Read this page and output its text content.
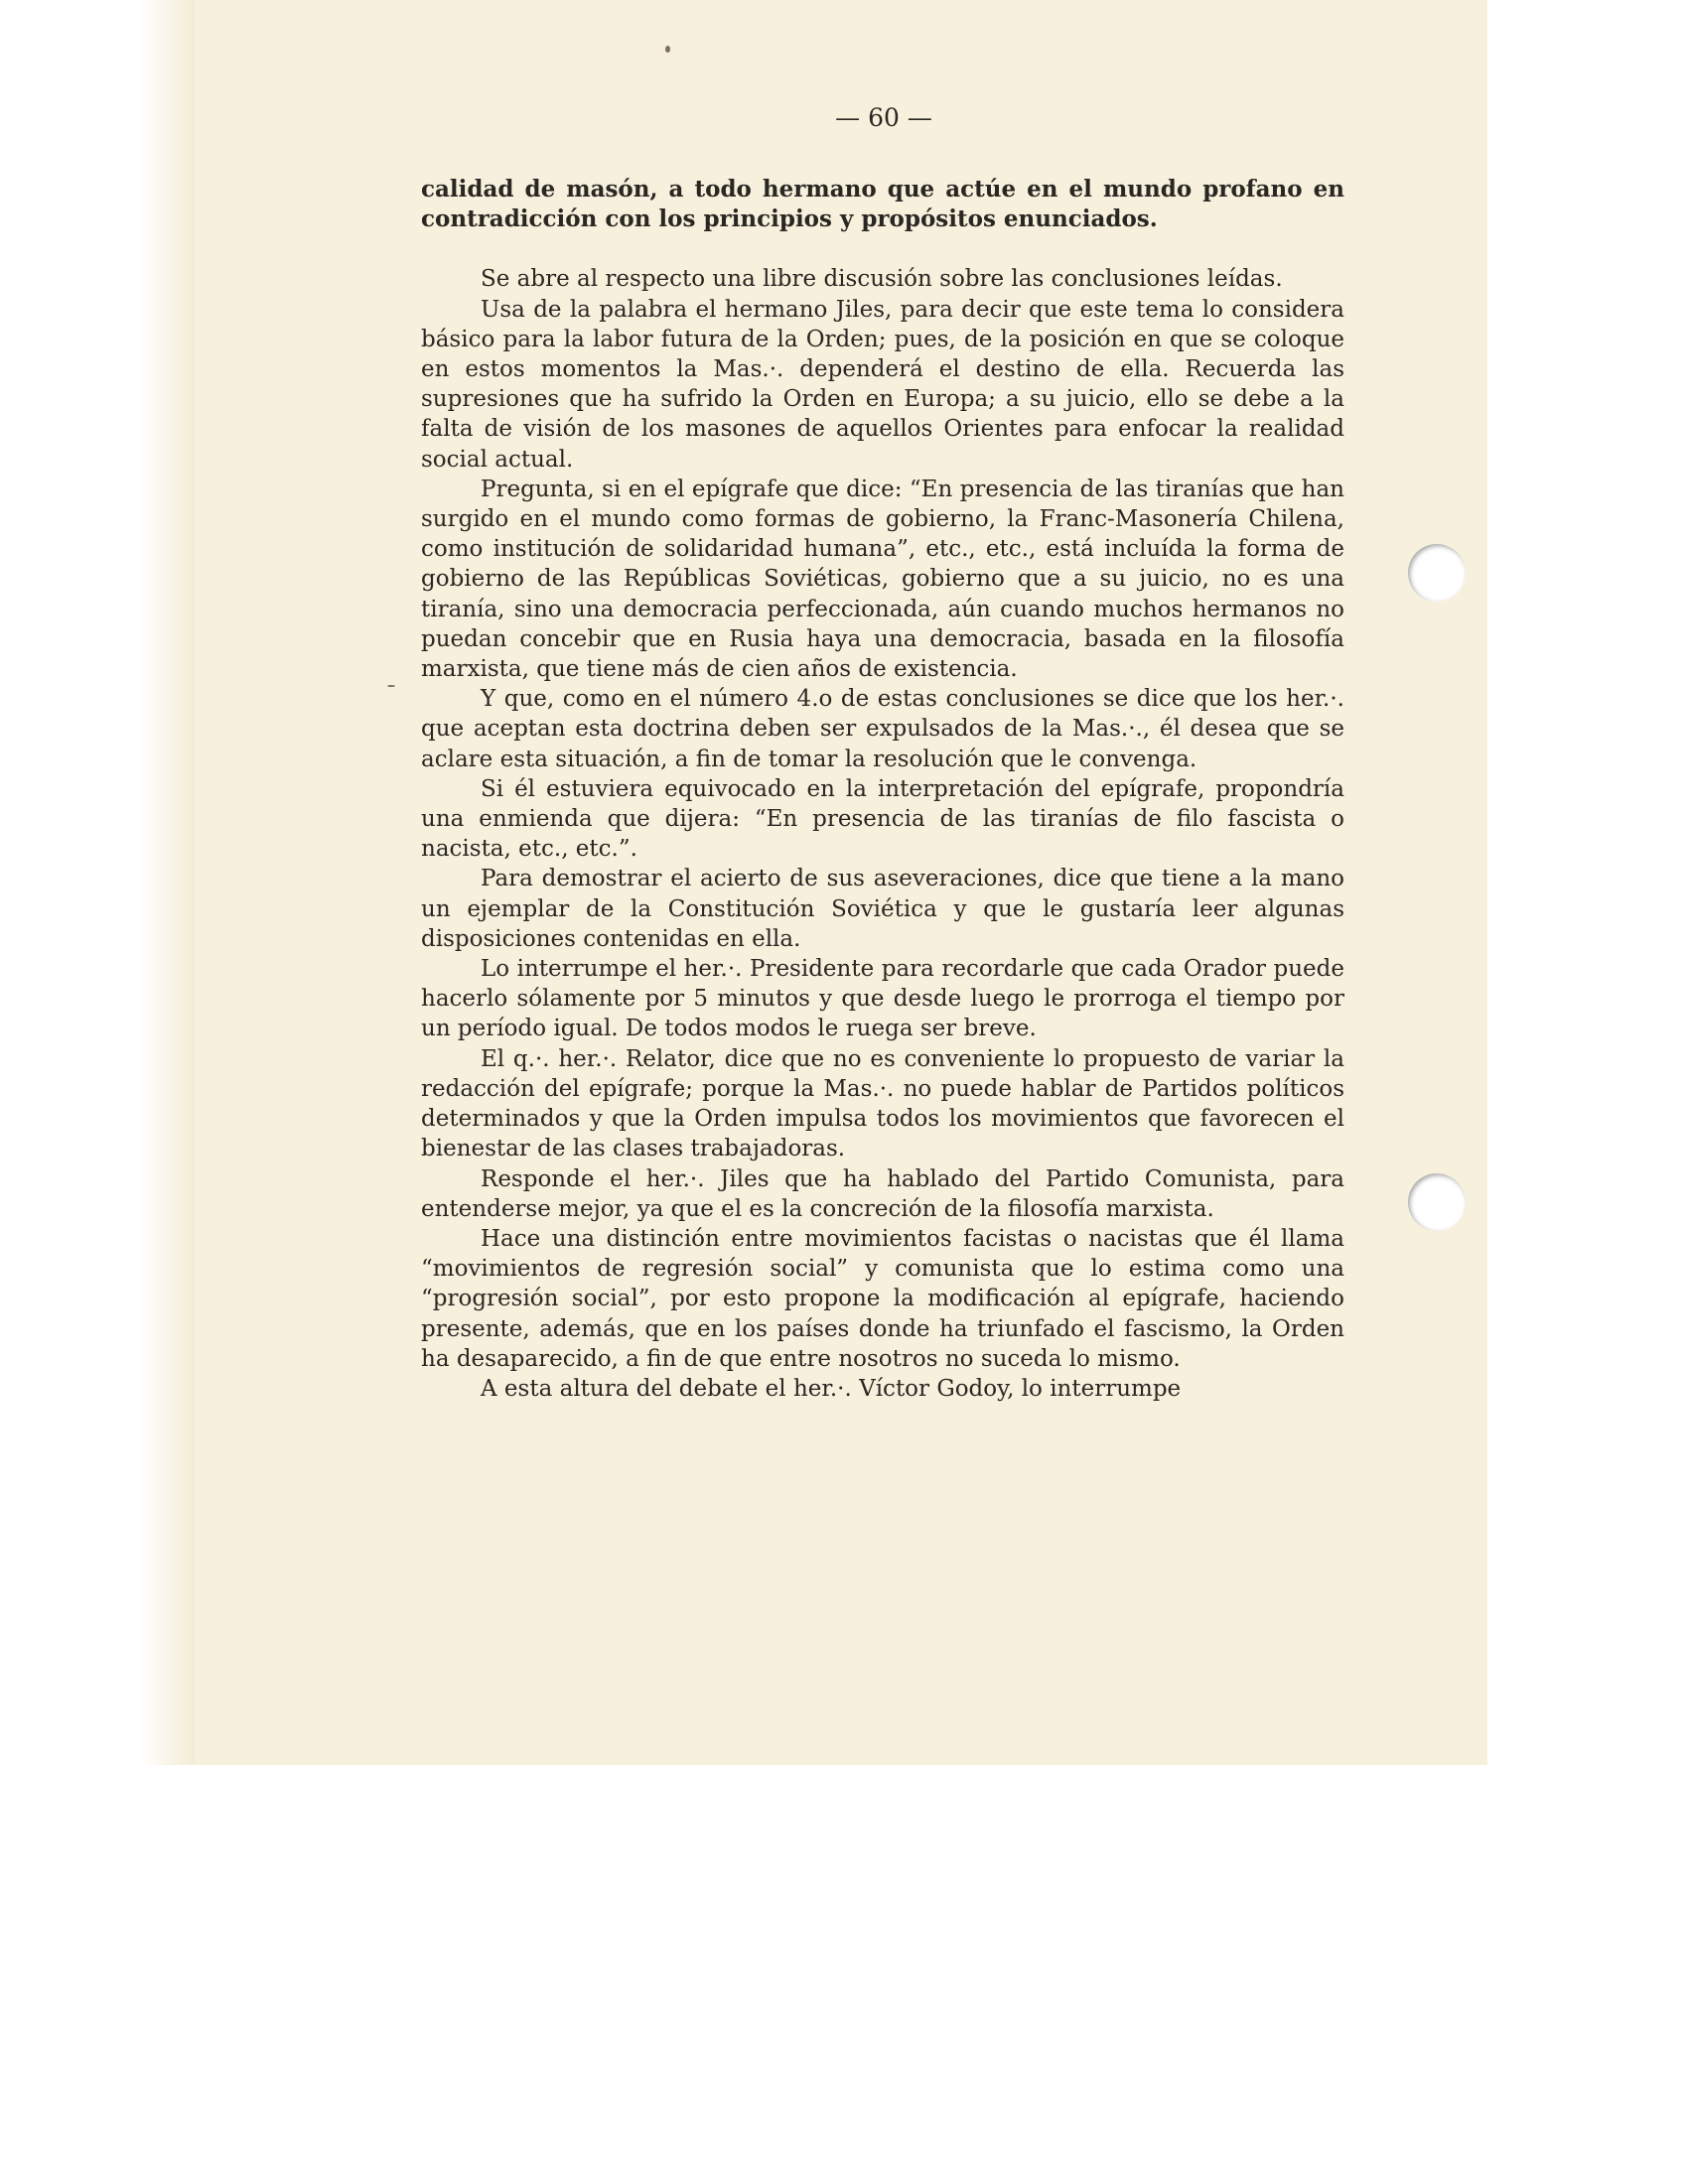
— 60 —

calidad de masón, a todo hermano que actúe en el mundo profano en contradicción con los principios y propósitos enunciados.

Se abre al respecto una libre discusión sobre las conclusiones leídas.

Usa de la palabra el hermano Jiles, para decir que este tema lo considera básico para la labor futura de la Orden; pues, de la posición en que se coloque en estos momentos la Mas.·. dependerá el destino de ella. Recuerda las supresiones que ha sufrido la Orden en Europa; a su juicio, ello se debe a la falta de visión de los masones de aquellos Orientes para enfocar la realidad social actual.

Pregunta, si en el epígrafe que dice: “En presencia de las tiranías que han surgido en el mundo como formas de gobierno, la Franc-Masonería Chilena, como institución de solidaridad humana”, etc., etc., está incluída la forma de gobierno de las Repúblicas Soviéticas, gobierno que a su juicio, no es una tiranía, sino una democracia perfeccionada, aún cuando muchos hermanos no puedan concebir que en Rusia haya una democracia, basada en la filosofía marxista, que tiene más de cien años de existencia.

Y que, como en el número 4.o de estas conclusiones se dice que los her.·. que aceptan esta doctrina deben ser expulsados de la Mas.·., él desea que se aclare esta situación, a fin de tomar la resolución que le convenga.

Si él estuviera equivocado en la interpretación del epígrafe, propondría una enmienda que dijera: “En presencia de las tiranías de filo fascista o nacista, etc., etc.”.

Para demostrar el acierto de sus aseveraciones, dice que tiene a la mano un ejemplar de la Constitución Soviética y que le gustaría leer algunas disposiciones contenidas en ella.

Lo interrumpe el her.·. Presidente para recordarle que cada Orador puede hacerlo sólamente por 5 minutos y que desde luego le prorroga el tiempo por un período igual. De todos modos le ruega ser breve.

El q.·. her.·. Relator, dice que no es conveniente lo propuesto de variar la redacción del epígrafe; porque la Mas.·. no puede hablar de Partidos políticos determinados y que la Orden impulsa todos los movimientos que favorecen el bienestar de las clases trabajadoras.

Responde el her.·. Jiles que ha hablado del Partido Comunista, para entenderse mejor, ya que el es la concreción de la filosofía marxista.

Hace una distinción entre movimientos facistas o nacistas que él llama “movimientos de regresión social” y comunista que lo estima como una “progresión social”, por esto propone la modificación al epígrafe, haciendo presente, además, que en los países donde ha triunfado el fascismo, la Orden ha desaparecido, a fin de que entre nosotros no suceda lo mismo.

A esta altura del debate el her.·. Víctor Godoy, lo interrumpe
